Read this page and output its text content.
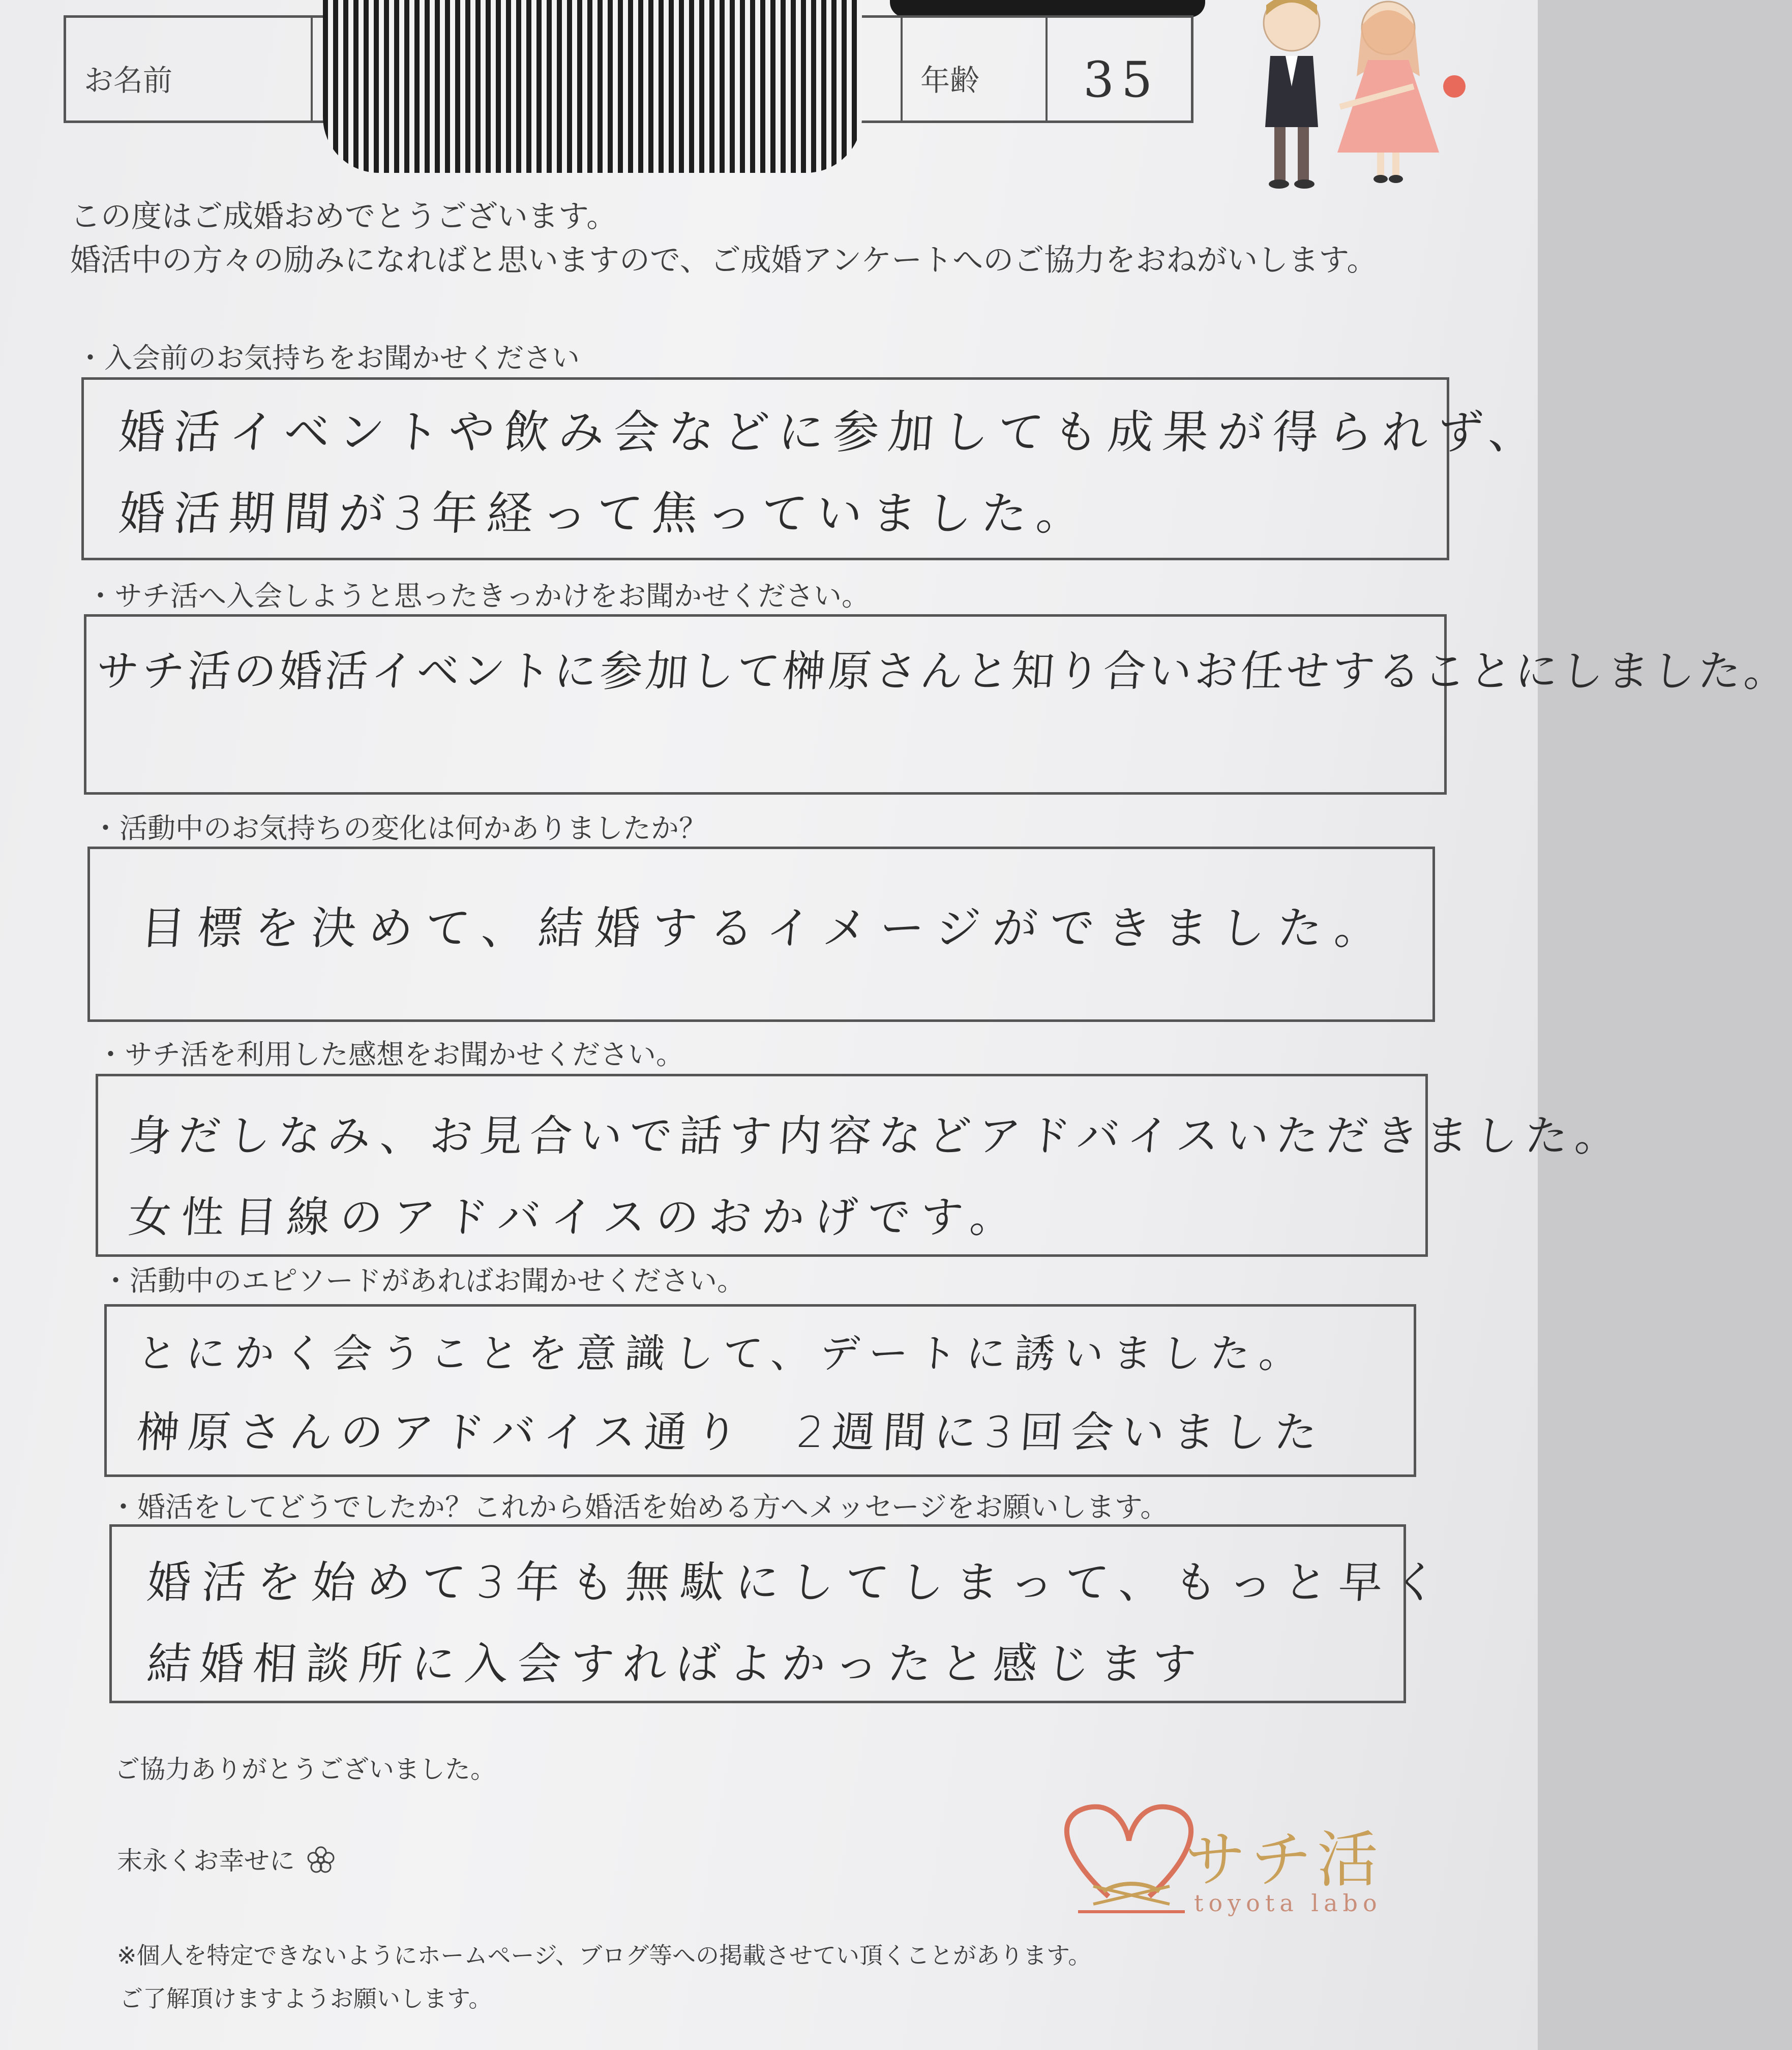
お名前	年齢 35
この度はご成婚おめでとうございます。
婚活中の方々の励みになればと思いますので、ご成婚アンケートへのご協力をおねがいします。
・入会前のお気持ちをお聞かせください
婚活イベントや飲み会などに参加しても成果が得られず、
婚活期間が3年経って焦っていました。
・サチ活へ入会しようと思ったきっかけをお聞かせください。
サチ活の婚活イベントに参加して榊原さんと知り合いお任せすることにしました。
・活動中のお気持ちの変化は何かありましたか？
目標を決めて、結婚するイメージができました。
・サチ活を利用した感想をお聞かせください。
身だしなみ、お見合いで話す内容などアドバイスいただきました。
女性目線のアドバイスのおかげです。
・活動中のエピソードがあればお聞かせください。
とにかく会うことを意識して、デートに誘いました。
榊原さんのアドバイス通り　2週間に3回会いました
・婚活をしてどうでしたか？これから婚活を始める方へメッセージをお願いします。
婚活を始めて3年も無駄にしてしまって、もっと早く
結婚相談所に入会すればよかったと感じます
ご協力ありがとうございました。
末永くお幸せに
※個人を特定できないようにホームページ、ブログ等への掲載させてい頂くことがあります。
ご了解頂けますようお願いします。
サチ活
toyota labo
